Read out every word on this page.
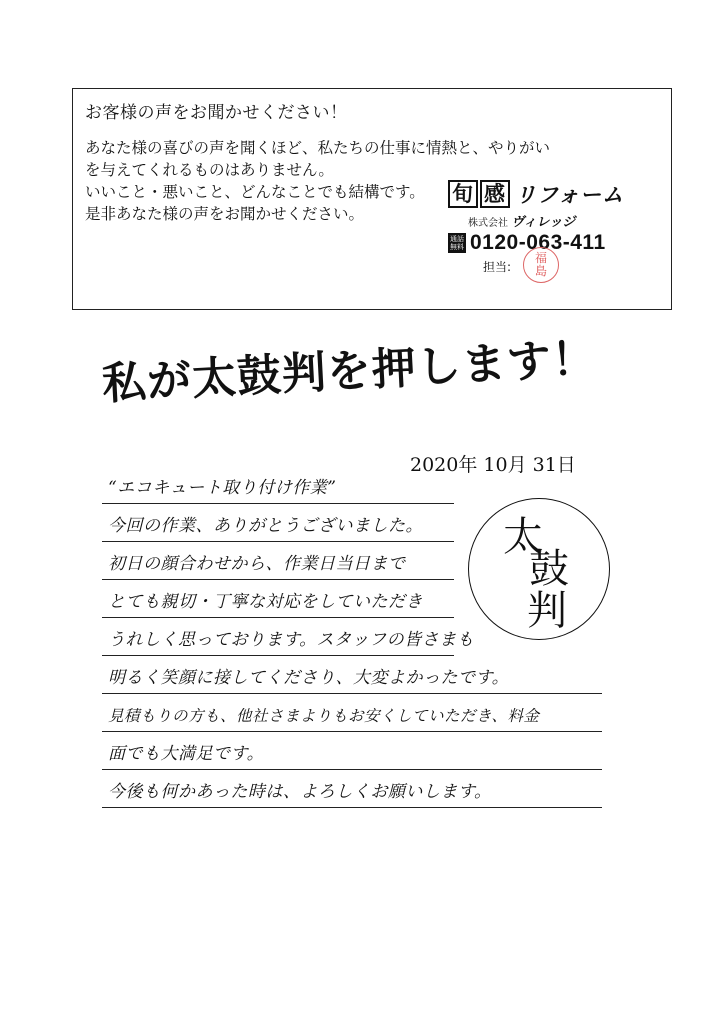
お客様の声をお聞かせください！
あなた様の喜びの声を聞くほど、私たちの仕事に情熱と、やりがい
を与えてくれるものはありません。
いいこと・悪いこと、どんなことでも結構です。
是非あなた様の声をお聞かせください。
旬 感 リフォーム
株式会社 ヴィレッジ
通話無料 0120-063-411
担当:
福
島
私が太鼓判を押します！
2020年 10月 31日
“エコキュート取り付け作業”
今回の作業、ありがとうございました。
初日の顔合わせから、作業日当日まで
とても親切・丁寧な対応をしていただき
うれしく思っております。スタッフの皆さまも
明るく笑顔に接してくださり、大変よかったです。
見積もりの方も、他社さまよりもお安くしていただき、料金
面でも大満足です。
今後も何かあった時は、よろしくお願いします。
太
鼓
判
